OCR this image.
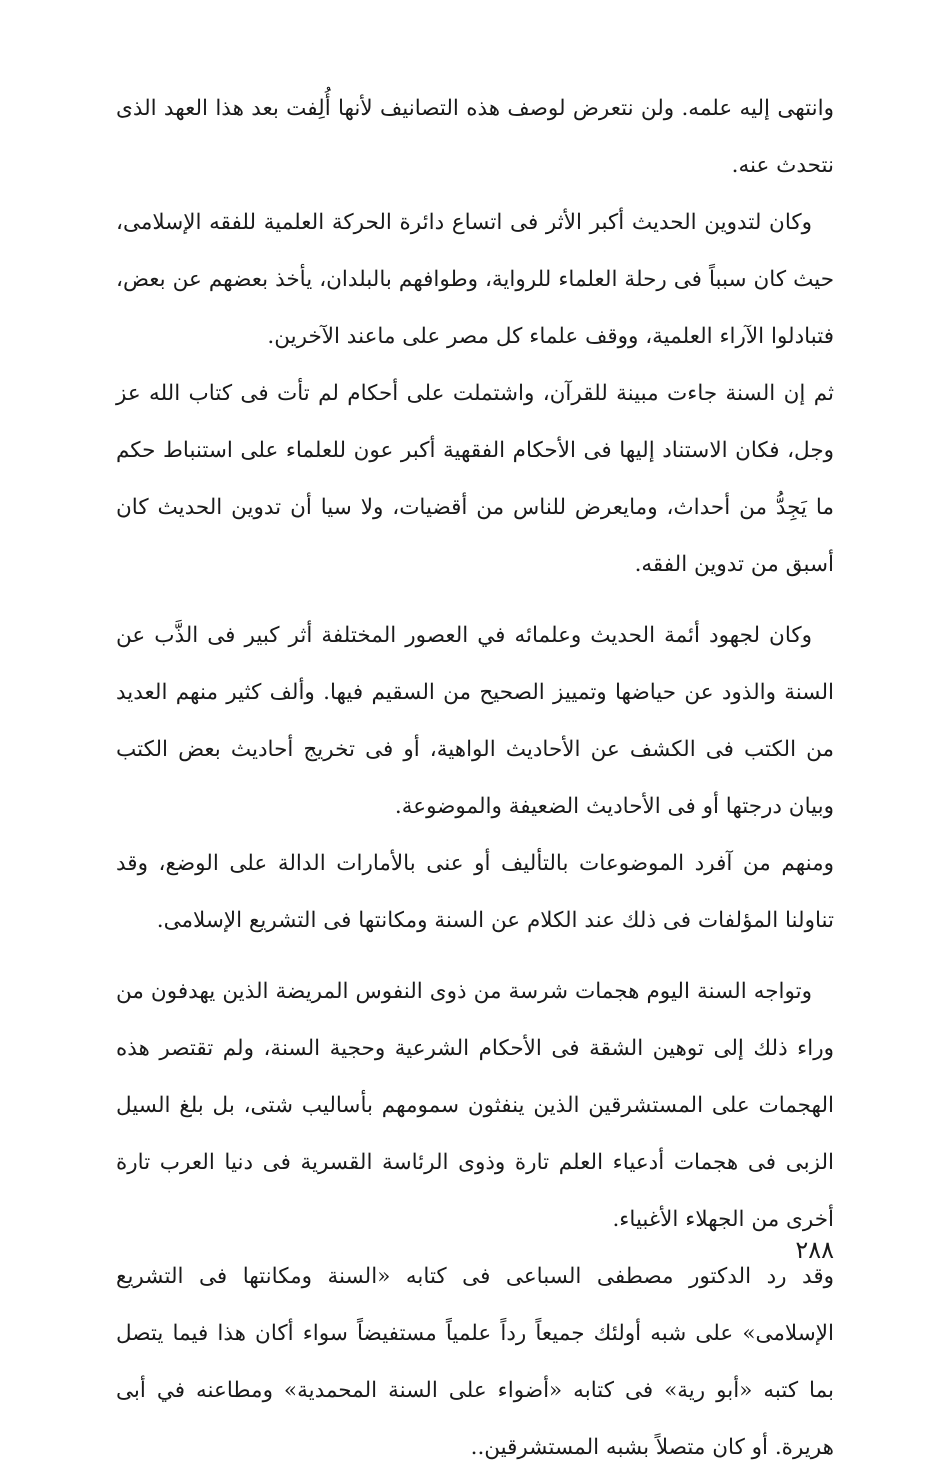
وانتهى إليه علمه. ولن نتعرض لوصف هذه التصانيف لأنها أُلِفت بعد هذا العهد الذى نتحدث عنه.

وكان لتدوين الحديث أكبر الأثر فى اتساع دائرة الحركة العلمية للفقه الإسلامى، حيث كان سبباً فى رحلة العلماء للرواية، وطوافهم بالبلدان، يأخذ بعضهم عن بعض، فتبادلوا الآراء العلمية، ووقف علماء كل مصر على ماعند الآخرين.

ثم إن السنة جاءت مبينة للقرآن، واشتملت على أحكام لم تأت فى كتاب الله عز وجل، فكان الاستناد إليها فى الأحكام الفقهية أكبر عون للعلماء على استنباط حكم ما يَجِدُّ من أحداث، ومايعرض للناس من أقضيات، ولا سيا أن تدوين الحديث كان أسبق من تدوين الفقه.

وكان لجهود أئمة الحديث وعلمائه في العصور المختلفة أثر كبير فى الذَّب عن السنة والذود عن حياضها وتمييز الصحيح من السقيم فيها. وألف كثير منهم العديد من الكتب فى الكشف عن الأحاديث الواهية، أو فى تخريج أحاديث بعض الكتب وبيان درجتها أو فى الأحاديث الضعيفة والموضوعة.

ومنهم من آفرد الموضوعات بالتأليف أو عنى بالأمارات الدالة على الوضع، وقد تناولنا المؤلفات فى ذلك عند الكلام عن السنة ومكانتها فى التشريع الإسلامى.

وتواجه السنة اليوم هجمات شرسة من ذوى النفوس المريضة الذين يهدفون من وراء ذلك إلى توهين الشقة فى الأحكام الشرعية وحجية السنة، ولم تقتصر هذه الهجمات على المستشرقين الذين ينفثون سمومهم بأساليب شتى، بل بلغ السيل الزبى فى هجمات أدعياء العلم تارة وذوى الرئاسة القسرية فى دنيا العرب تارة أخرى من الجهلاء الأغبياء.

وقد رد الدكتور مصطفى السباعى فى كتابه «السنة ومكانتها فى التشريع الإسلامى» على شبه أولئك جميعاً رداً علمياً مستفيضاً سواء أكان هذا فيما يتصل بما كتبه «أبو رية» فى كتابه «أضواء على السنة المحمدية» ومطاعنه في أبى هريرة. أو كان متصلاً بشبه المستشرقين..

٢٨٨
